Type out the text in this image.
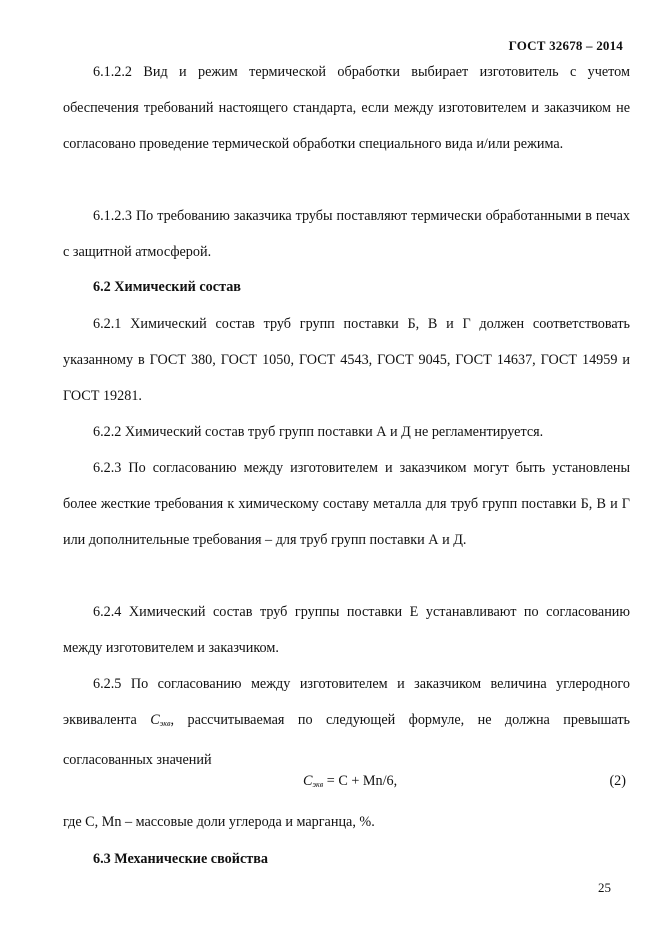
ГОСТ 32678 – 2014

6.1.2.2 Вид и режим термической обработки выбирает изготовитель с учетом обеспечения требований настоящего стандарта, если между изготовителем и заказчиком не согласовано проведение термической обработки специального вида и/или режима.

6.1.2.3 По требованию заказчика трубы поставляют термически обработанными в печах с защитной атмосферой.

6.2 Химический состав

6.2.1 Химический состав труб групп поставки Б, В и Г должен соответствовать указанному в ГОСТ 380, ГОСТ 1050, ГОСТ 4543, ГОСТ 9045, ГОСТ 14637, ГОСТ 14959 и ГОСТ 19281.

6.2.2 Химический состав труб групп поставки А и Д не регламентируется.

6.2.3 По согласованию между изготовителем и заказчиком могут быть установлены более жесткие требования к химическому составу металла для труб групп поставки Б, В и Г или дополнительные требования – для труб групп поставки А и Д.

6.2.4 Химический состав труб группы поставки Е устанавливают по согласованию между изготовителем и заказчиком.

6.2.5 По согласованию между изготовителем и заказчиком величина углеродного эквивалента Cэкв, рассчитываемая по следующей формуле, не должна превышать согласованных значений

$C_{экв} = C + Mn/6$,	(2)

где С, Mn – массовые доли углерода и марганца, %.

6.3 Механические свойства

25
